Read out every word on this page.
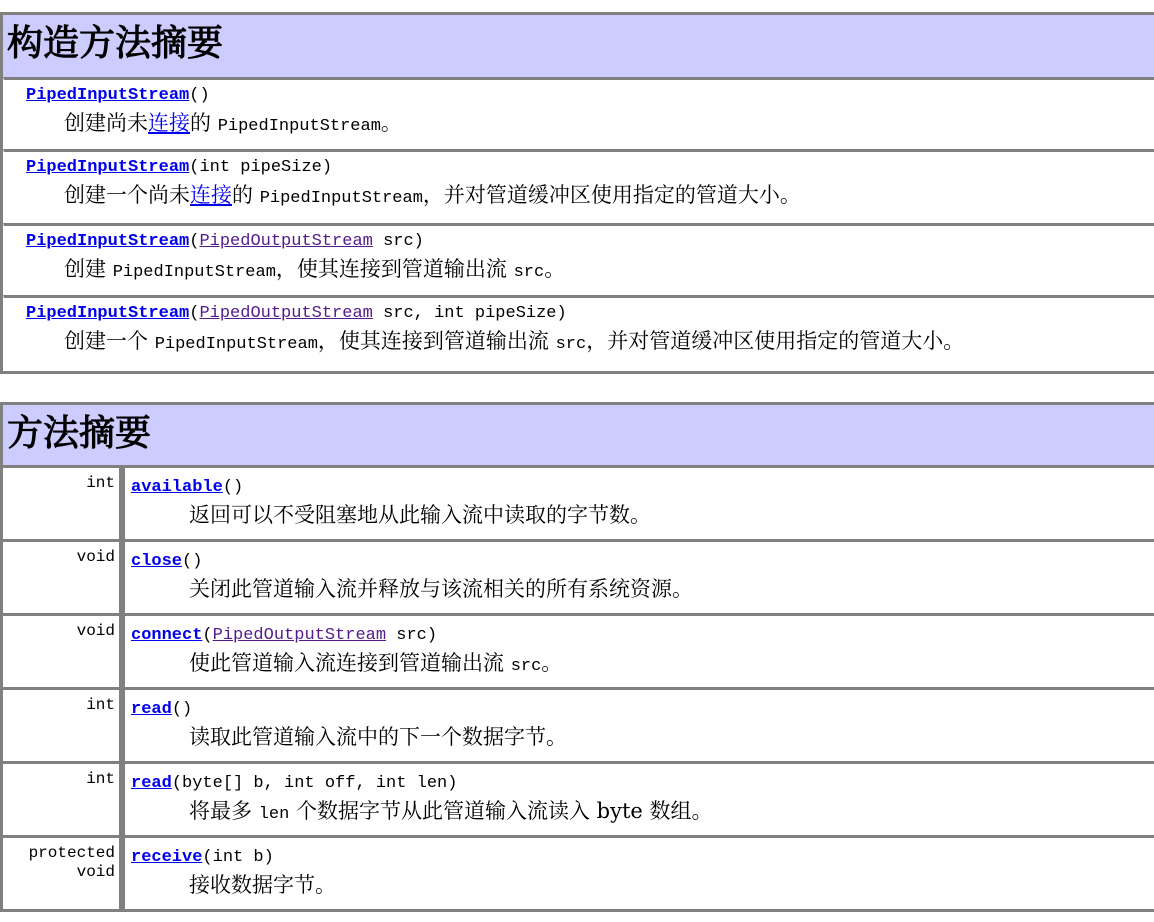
构造方法摘要
PipedInputStream()
创建尚未连接的 PipedInputStream。
PipedInputStream(int pipeSize)
创建一个尚未连接的 PipedInputStream，并对管道缓冲区使用指定的管道大小。
PipedInputStream(PipedOutputStream src)
创建 PipedInputStream，使其连接到管道输出流 src。
PipedInputStream(PipedOutputStream src, int pipeSize)
创建一个 PipedInputStream，使其连接到管道输出流 src，并对管道缓冲区使用指定的管道大小。
方法摘要
int available()
返回可以不受阻塞地从此输入流中读取的字节数。
void close()
关闭此管道输入流并释放与该流相关的所有系统资源。
void connect(PipedOutputStream src)
使此管道输入流连接到管道输出流 src。
int read()
读取此管道输入流中的下一个数据字节。
int read(byte[] b, int off, int len)
将最多 len 个数据字节从此管道输入流读入 byte 数组。
protected
void
receive(int b)
接收数据字节。
